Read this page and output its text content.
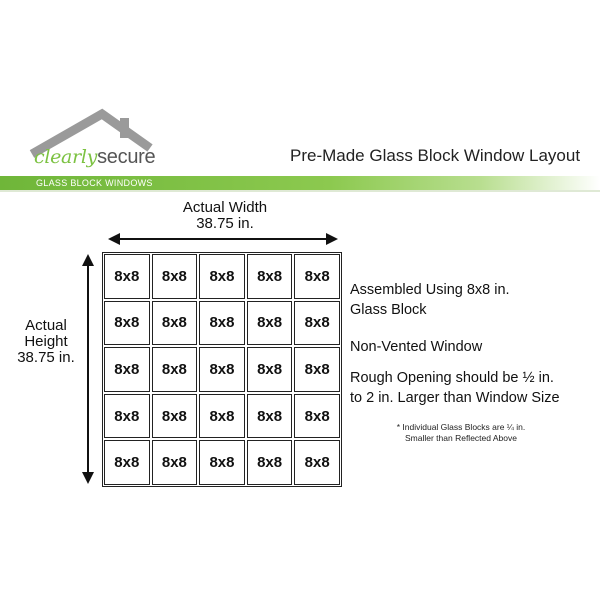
clearlysecure	Pre-Made Glass Block Window Layout
GLASS BLOCK WINDOWS
Actual Width
38.75 in.
Actual Height
38.75 in.
8x8	8x8	8x8	8x8	8x8
8x8	8x8	8x8	8x8	8x8
8x8	8x8	8x8	8x8	8x8
8x8	8x8	8x8	8x8	8x8
8x8	8x8	8x8	8x8	8x8
Assembled Using 8x8 in.
Glass Block
Non-Vented Window
Rough Opening should be ½ in.
to 2 in. Larger than Window Size
* Individual Glass Blocks are ¼ in.
Smaller than Reflected Above
